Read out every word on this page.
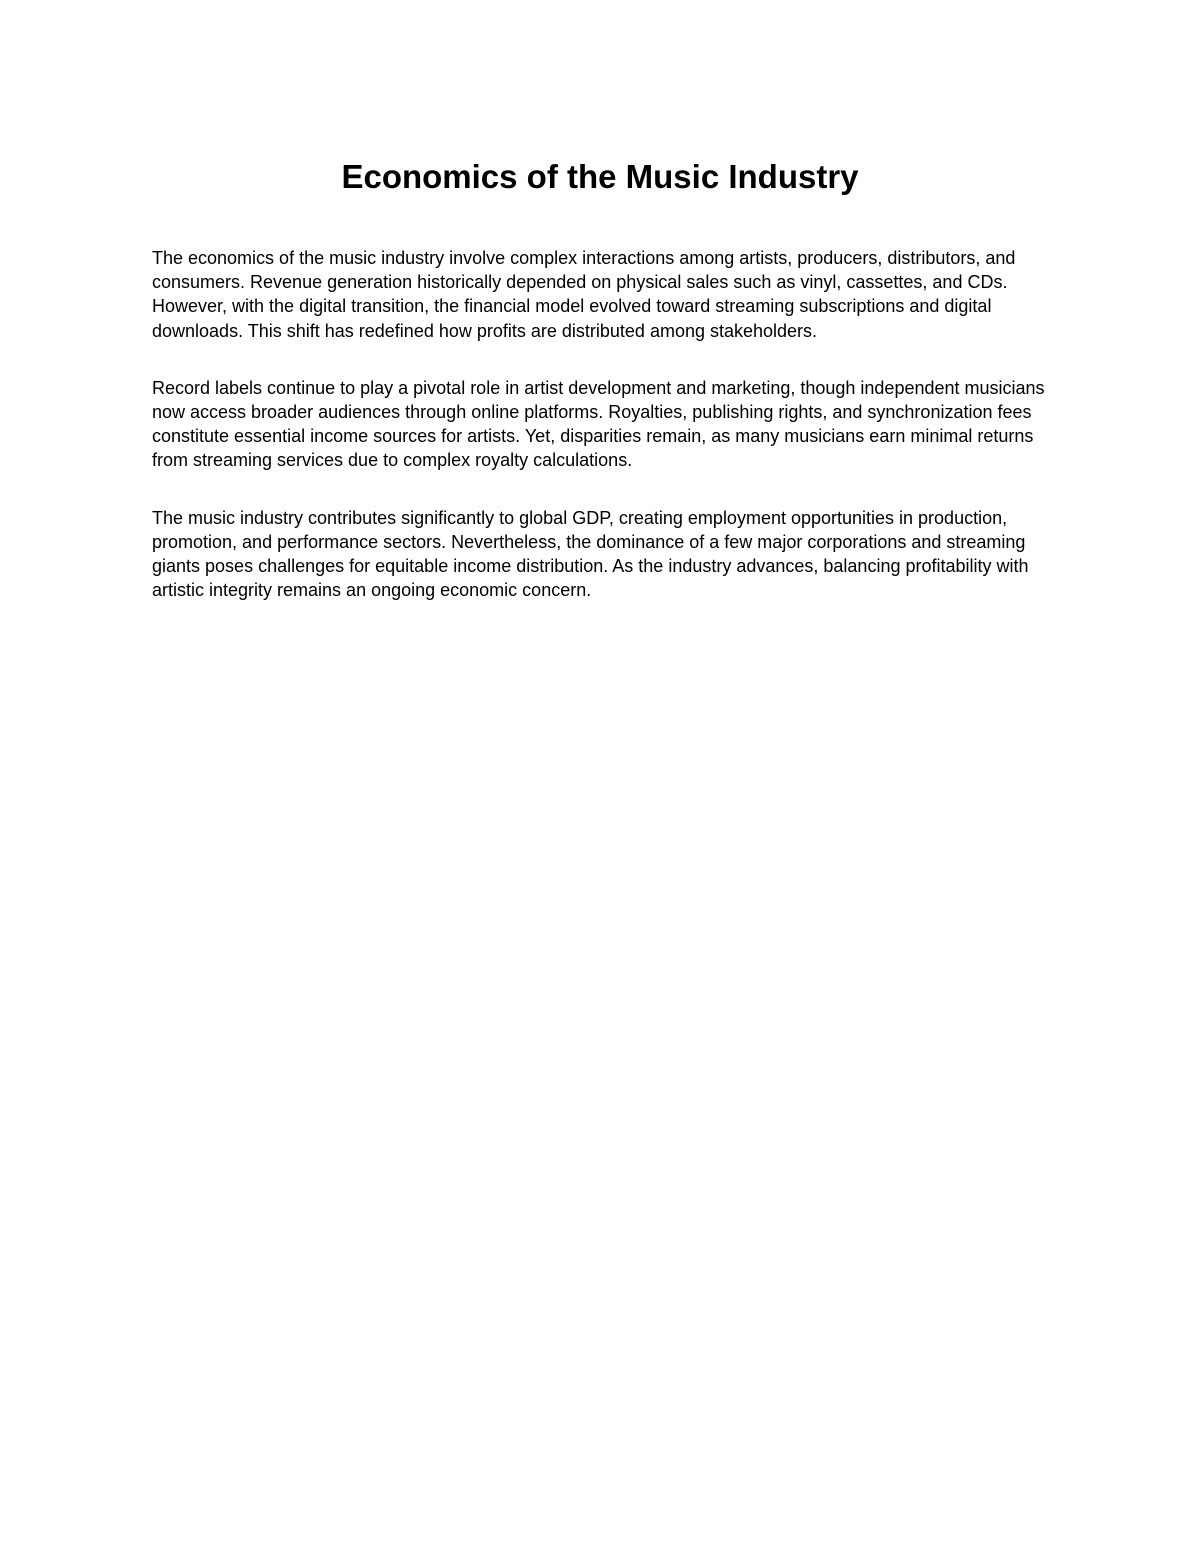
Economics of the Music Industry

The economics of the music industry involve complex interactions among artists, producers, distributors, and consumers. Revenue generation historically depended on physical sales such as vinyl, cassettes, and CDs. However, with the digital transition, the financial model evolved toward streaming subscriptions and digital downloads. This shift has redefined how profits are distributed among stakeholders.

Record labels continue to play a pivotal role in artist development and marketing, though independent musicians now access broader audiences through online platforms. Royalties, publishing rights, and synchronization fees constitute essential income sources for artists. Yet, disparities remain, as many musicians earn minimal returns from streaming services due to complex royalty calculations.

The music industry contributes significantly to global GDP, creating employment opportunities in production, promotion, and performance sectors. Nevertheless, the dominance of a few major corporations and streaming giants poses challenges for equitable income distribution. As the industry advances, balancing profitability with artistic integrity remains an ongoing economic concern.
